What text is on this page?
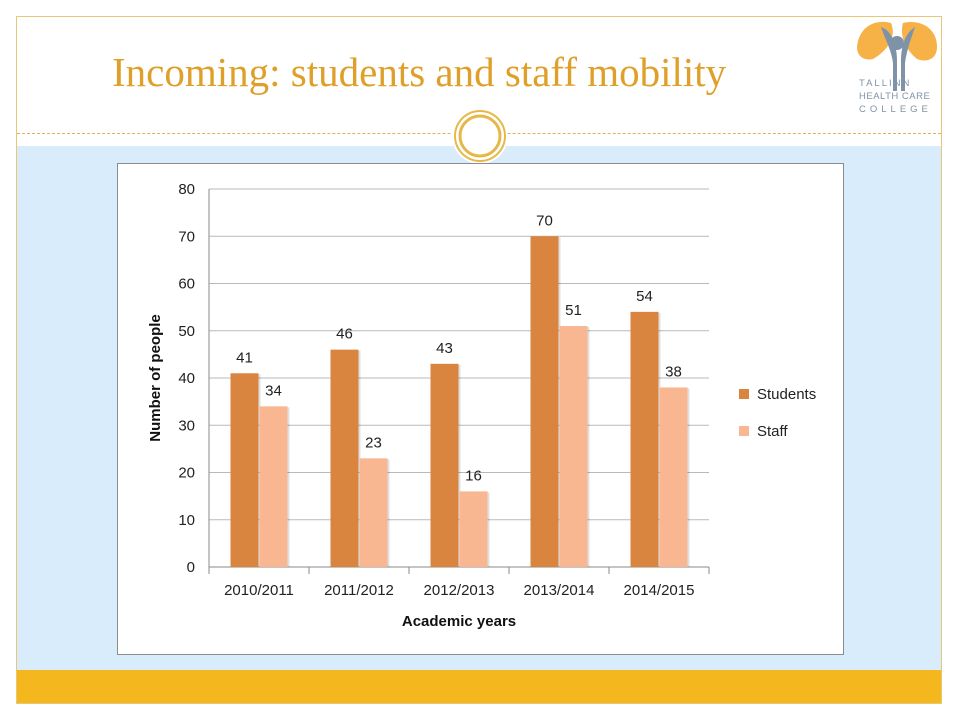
Incoming: students and staff mobility	TALLINN
HEALTH CARE
COLLEGE
0
10
20
30
40
50
60
70
80
2010/2011
41
34
2011/2012
46
23
2012/2013
43
16
2013/2014
70
51
2014/2015
54
38
Academic years
Number of people	Students
Staff
